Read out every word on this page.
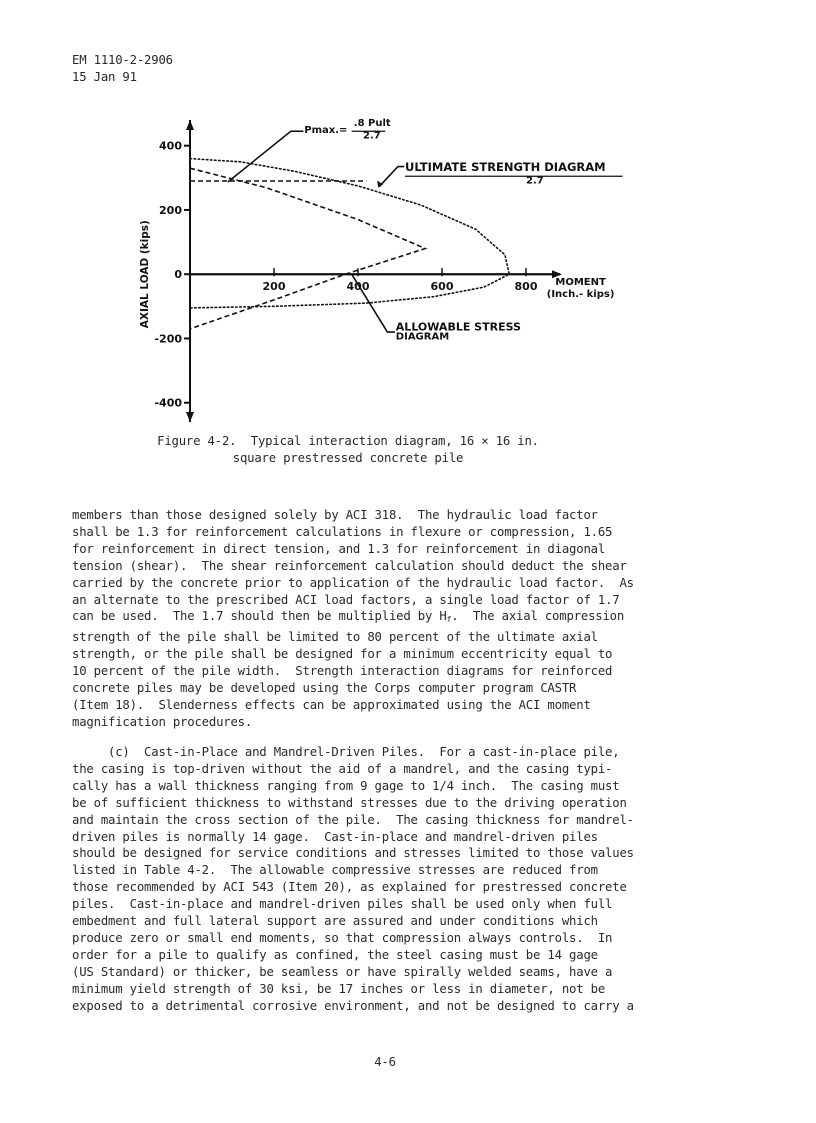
EM 1110-2-2906
15 Jan 91
400
200
0
-200
-400
200	400	600	800
AXIAL LOAD (kips)	MOMENT
(Inch.- kips)
Pmax.=
.8 Pult
2.7
ULTIMATE STRENGTH DIAGRAM
2.7
ALLOWABLE STRESS
DIAGRAM
Figure 4-2.  Typical interaction diagram, 16 × 16 in.
square prestressed concrete pile
members than those designed solely by ACI 318.  The hydraulic load factor
shall be 1.3 for reinforcement calculations in flexure or compression, 1.65
for reinforcement in direct tension, and 1.3 for reinforcement in diagonal
tension (shear).  The shear reinforcement calculation should deduct the shear
carried by the concrete prior to application of the hydraulic load factor.  As
an alternate to the prescribed ACI load factors, a single load factor of 1.7
can be used.  The 1.7 should then be multiplied by $H_f$.  The axial compression
strength of the pile shall be limited to 80 percent of the ultimate axial
strength, or the pile shall be designed for a minimum eccentricity equal to
10 percent of the pile width.  Strength interaction diagrams for reinforced
concrete piles may be developed using the Corps computer program CASTR
(Item 18).  Slenderness effects can be approximated using the ACI moment
magnification procedures.
(c)  Cast-in-Place and Mandrel-Driven Piles.  For a cast-in-place pile,
the casing is top-driven without the aid of a mandrel, and the casing typi-
cally has a wall thickness ranging from 9 gage to 1/4 inch.  The casing must
be of sufficient thickness to withstand stresses due to the driving operation
and maintain the cross section of the pile.  The casing thickness for mandrel-
driven piles is normally 14 gage.  Cast-in-place and mandrel-driven piles
should be designed for service conditions and stresses limited to those values
listed in Table 4-2.  The allowable compressive stresses are reduced from
those recommended by ACI 543 (Item 20), as explained for prestressed concrete
piles.  Cast-in-place and mandrel-driven piles shall be used only when full
embedment and full lateral support are assured and under conditions which
produce zero or small end moments, so that compression always controls.  In
order for a pile to qualify as confined, the steel casing must be 14 gage
(US Standard) or thicker, be seamless or have spirally welded seams, have a
minimum yield strength of 30 ksi, be 17 inches or less in diameter, not be
exposed to a detrimental corrosive environment, and not be designed to carry a
4-6
